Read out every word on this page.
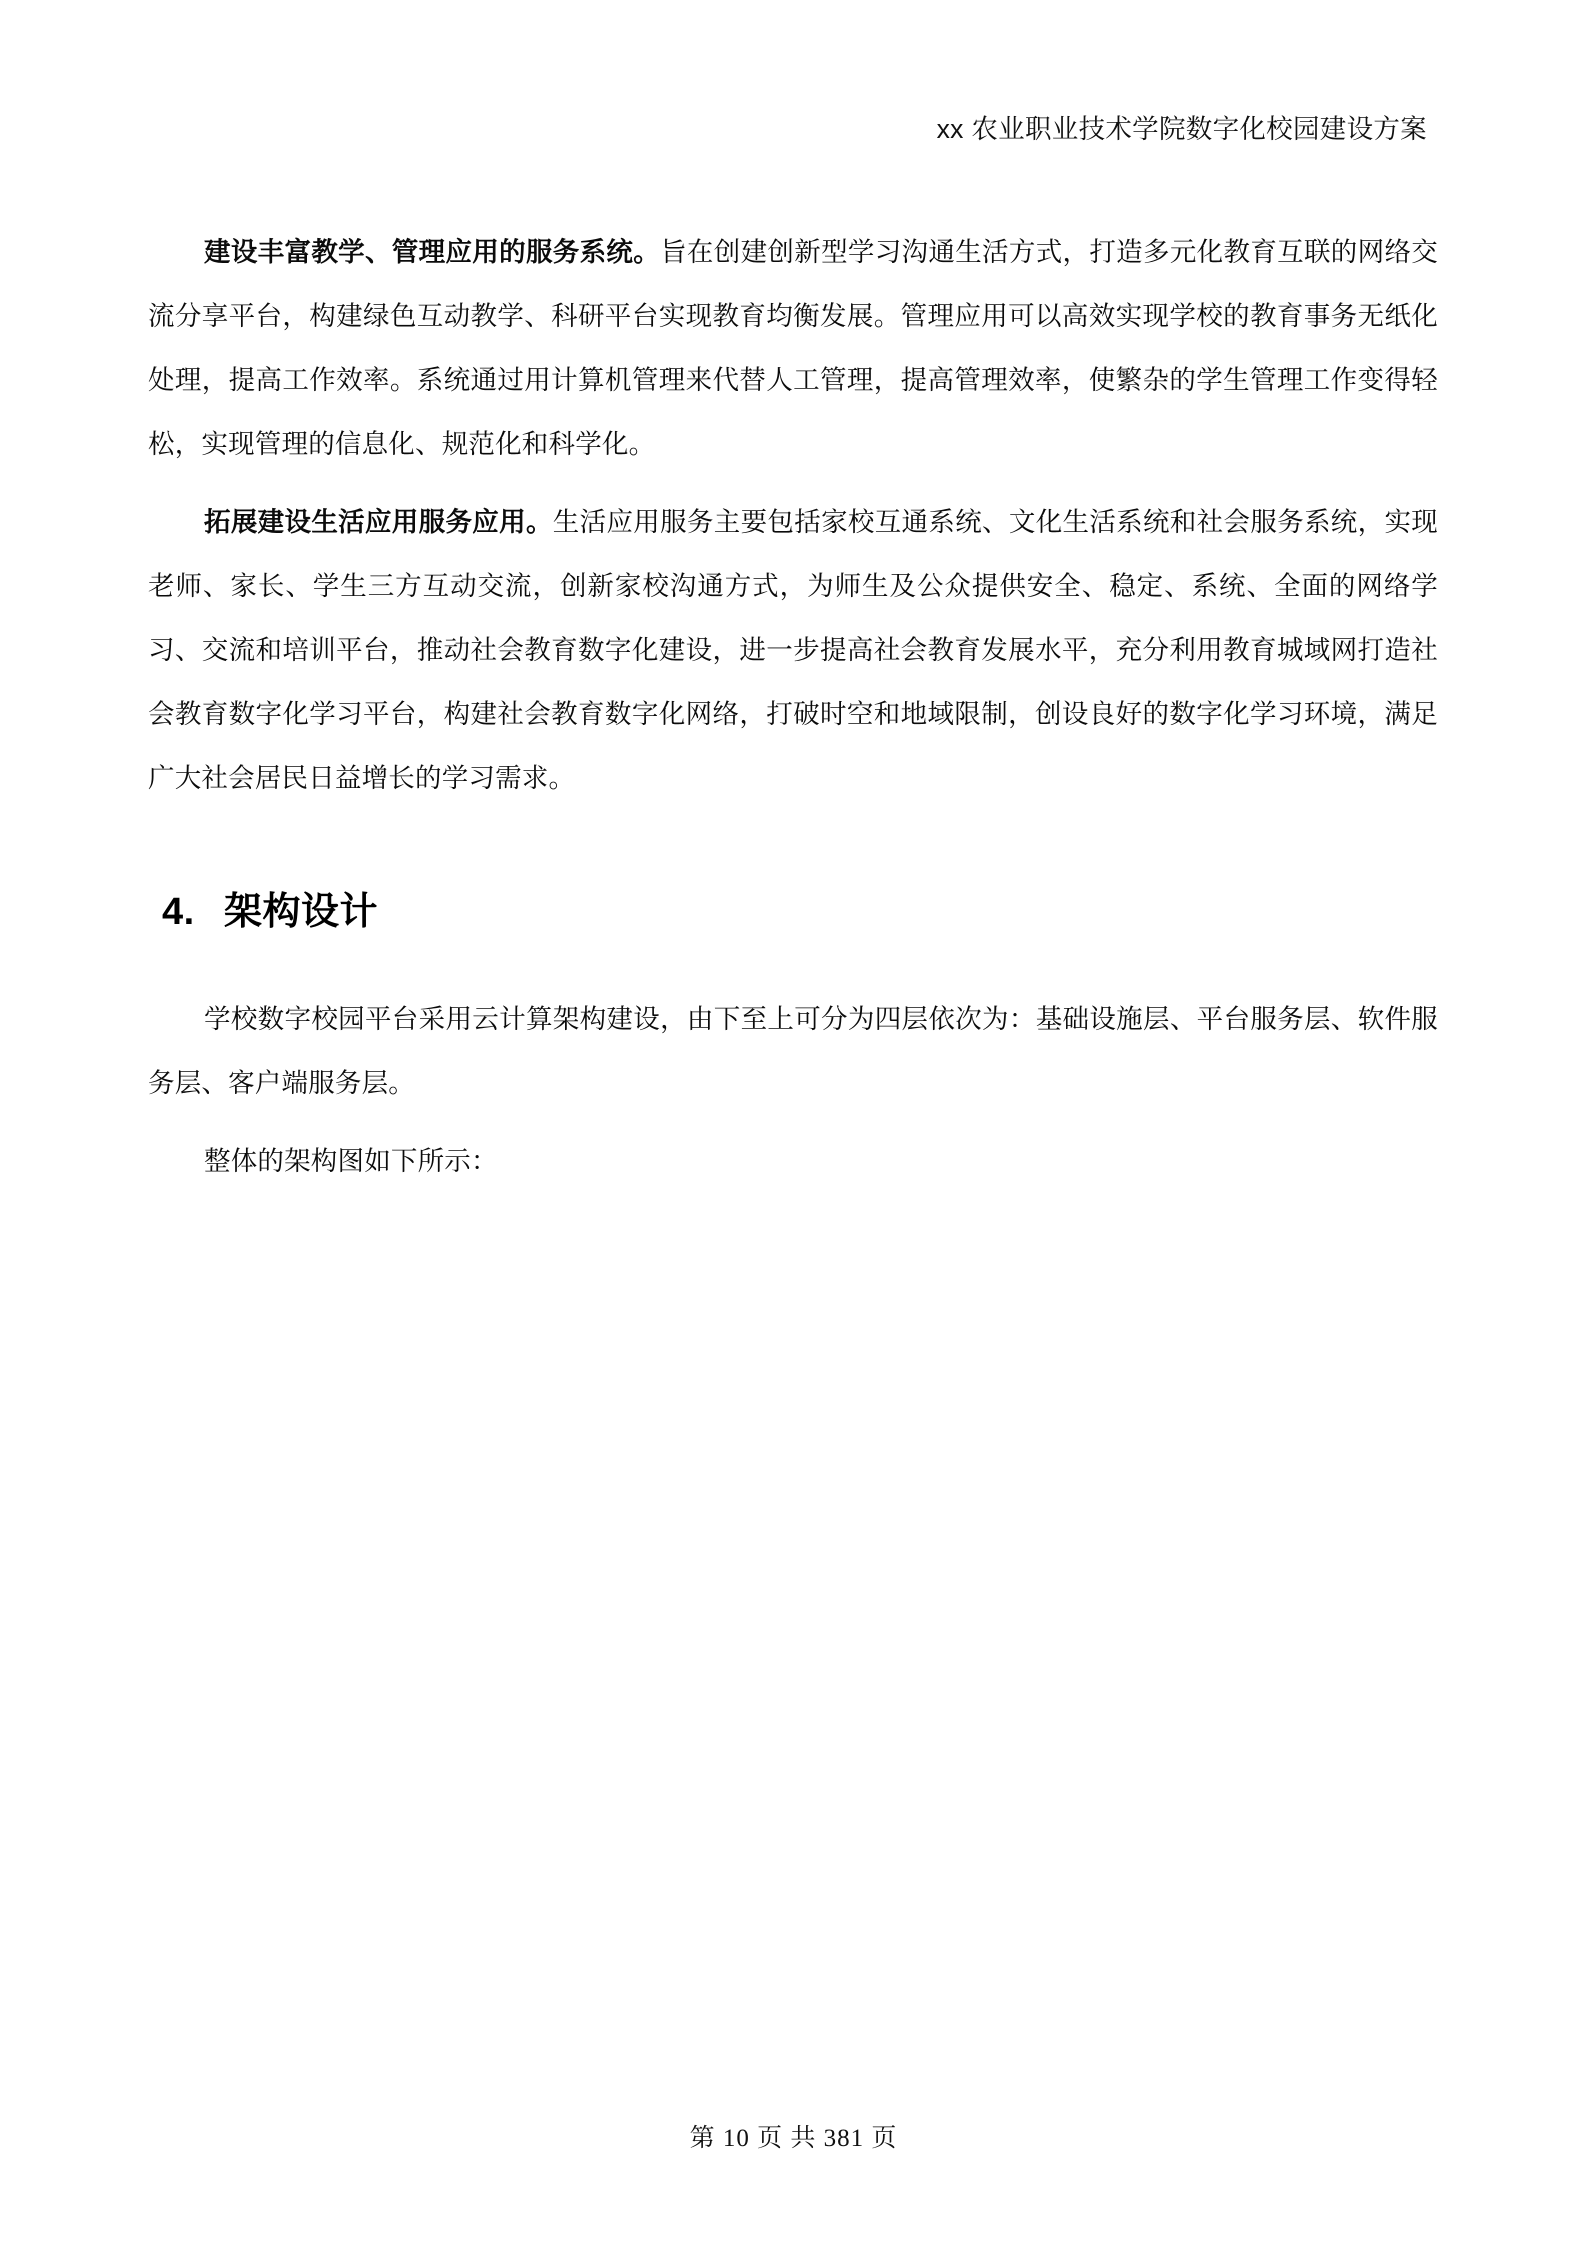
xx 农业职业技术学院数字化校园建设方案

建设丰富教学、管理应用的服务系统。旨在创建创新型学习沟通生活方式，打造多元化教育互联的网络交流分享平台，构建绿色互动教学、科研平台实现教育均衡发展。管理应用可以高效实现学校的教育事务无纸化处理，提高工作效率。系统通过用计算机管理来代替人工管理，提高管理效率，使繁杂的学生管理工作变得轻松，实现管理的信息化、规范化和科学化。

拓展建设生活应用服务应用。生活应用服务主要包括家校互通系统、文化生活系统和社会服务系统，实现老师、家长、学生三方互动交流，创新家校沟通方式，为师生及公众提供安全、稳定、系统、全面的网络学习、交流和培训平台，推动社会教育数字化建设，进一步提高社会教育发展水平，充分利用教育城域网打造社会教育数字化学习平台，构建社会教育数字化网络，打破时空和地域限制，创设良好的数字化学习环境，满足广大社会居民日益增长的学习需求。

4. 架构设计

学校数字校园平台采用云计算架构建设，由下至上可分为四层依次为：基础设施层、平台服务层、软件服务层、客户端服务层。

整体的架构图如下所示：

第 10 页 共 381 页
